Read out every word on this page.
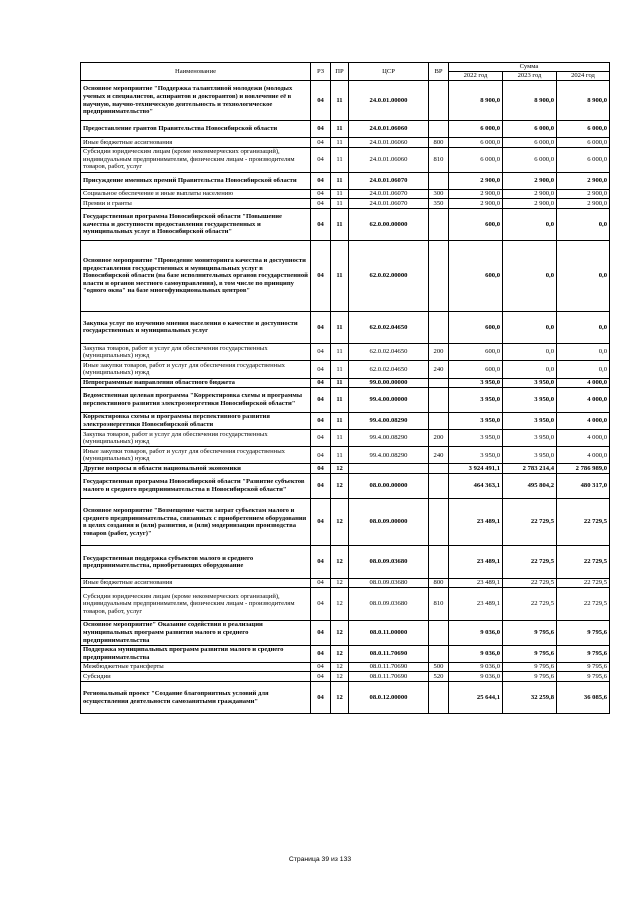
Наименование	РЗ	ПР	ЦСР	ВР	Сумма		
					2022 год	2023 год	2024 год
Основное мероприятие "Поддержка талантливой молодежи (молодых ученых и специалистов, аспирантов и докторантов) и вовлечение её в научную, научно-техническую деятельность и технологическое предпринимательство"	04	11	24.0.01.00000		8 900,0	8 900,0	8 900,0
Предоставление грантов Правительства Новосибирской области	04	11	24.0.01.06060		6 000,0	6 000,0	6 000,0
Иные бюджетные ассигнования	04	11	24.0.01.06060	800	6 000,0	6 000,0	6 000,0
Субсидии юридическим лицам (кроме некоммерческих организаций), индивидуальным предпринимателям, физическим лицам - производителям товаров, работ, услуг	04	11	24.0.01.06060	810	6 000,0	6 000,0	6 000,0
Присуждение именных премий Правительства Новосибирской области	04	11	24.0.01.06070		2 900,0	2 900,0	2 900,0
Социальное обеспечение и иные выплаты населению	04	11	24.0.01.06070	300	2 900,0	2 900,0	2 900,0
Премии и гранты	04	11	24.0.01.06070	350	2 900,0	2 900,0	2 900,0
Государственная программа Новосибирской области "Повышение качества и доступности предоставления государственных и муниципальных услуг в Новосибирской области"	04	11	62.0.00.00000		600,0	0,0	0,0
Основное мероприятие "Проведение мониторинга качества и доступности предоставления государственных и муниципальных услуг в Новосибирской области (на базе исполнительных органов государственной власти и органов местного самоуправления), в том числе по принципу "одного окна" на базе многофункциональных центров"	04	11	62.0.02.00000		600,0	0,0	0,0
Закупка услуг по изучению мнения населения о качестве и доступности государственных и муниципальных услуг	04	11	62.0.02.04650		600,0	0,0	0,0
Закупка товаров, работ и услуг для обеспечения государственных (муниципальных) нужд	04	11	62.0.02.04650	200	600,0	0,0	0,0
Иные закупки товаров, работ и услуг для обеспечения государственных (муниципальных) нужд	04	11	62.0.02.04650	240	600,0	0,0	0,0
Непрограммные направления областного бюджета	04	11	99.0.00.00000		3 950,0	3 950,0	4 000,0
Ведомственная целевая программа "Корректировка схемы и программы перспективного развития электроэнергетики Новосибирской области"	04	11	99.4.00.00000		3 950,0	3 950,0	4 000,0
Корректировка схемы и программы перспективного развития электроэнергетики Новосибирской области	04	11	99.4.00.08290		3 950,0	3 950,0	4 000,0
Закупка товаров, работ и услуг для обеспечения государственных (муниципальных) нужд	04	11	99.4.00.08290	200	3 950,0	3 950,0	4 000,0
Иные закупки товаров, работ и услуг для обеспечения государственных (муниципальных) нужд	04	11	99.4.00.08290	240	3 950,0	3 950,0	4 000,0
Другие вопросы в области национальной экономики	04	12			3 924 491,1	2 783 214,4	2 786 989,0
Государственная программа Новосибирской области "Развитие субъектов малого и среднего предпринимательства в Новосибирской области"	04	12	08.0.00.00000		464 363,1	495 804,2	480 317,0
Основное мероприятие "Возмещение части затрат субъектам малого и среднего предпринимательства, связанных с приобретением оборудования в целях создания и (или) развития, и (или) модернизации производства товаров (работ, услуг)"	04	12	08.0.09.00000		23 489,1	22 729,5	22 729,5
Государственная поддержка субъектов малого и среднего предпринимательства, приобретающих оборудование	04	12	08.0.09.03680		23 489,1	22 729,5	22 729,5
Иные бюджетные ассигнования	04	12	08.0.09.03680	800	23 489,1	22 729,5	22 729,5
Субсидии юридическим лицам (кроме некоммерческих организаций), индивидуальным предпринимателям, физическим лицам - производителям товаров, работ, услуг	04	12	08.0.09.03680	810	23 489,1	22 729,5	22 729,5
Основное мероприятие" Оказание содействия в реализации муниципальных программ развития малого и среднего предпринимательства	04	12	08.0.11.00000		9 036,0	9 795,6	9 795,6
Поддержка муниципальных программ развития малого и среднего предпринимательства	04	12	08.0.11.70690		9 036,0	9 795,6	9 795,6
Межбюджетные трансферты	04	12	08.0.11.70690	500	9 036,0	9 795,6	9 795,6
Субсидии	04	12	08.0.11.70690	520	9 036,0	9 795,6	9 795,6
Региональный проект "Создание благоприятных условий для осуществления деятельности самозанятыми гражданами"	04	12	08.0.12.00000		25 644,1	32 259,8	36 085,6
Страница 39 из 133
